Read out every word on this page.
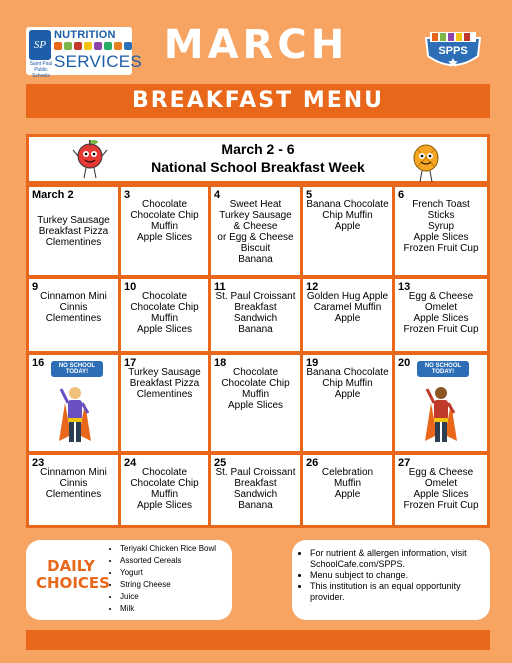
SP
Saint Paul Public Schools
NUTRITION
SERVICES MARCH	SPPS
BREAKFAST MENU
March 2 - 6
National School Breakfast Week
March 2
Turkey Sausage
Breakfast Pizza
Clementines
3
Chocolate
Chocolate Chip
Muffin
Apple Slices
4
Sweet Heat
Turkey Sausage
& Cheese
or Egg & Cheese
Biscuit
Banana
5
Banana Chocolate
Chip Muffin
Apple
6
French Toast
Sticks
Syrup
Apple Slices
Frozen Fruit Cup
9
Cinnamon Mini
Cinnis
Clementines
10
Chocolate
Chocolate Chip
Muffin
Apple Slices
11
St. Paul Croissant
Breakfast
Sandwich
Banana
12
Golden Hug Apple
Caramel Muffin
Apple
13
Egg & Cheese
Omelet
Apple Slices
Frozen Fruit Cup
16	NO SCHOOL TODAY!
17
Turkey Sausage
Breakfast Pizza
Clementines
18
Chocolate
Chocolate Chip
Muffin
Apple Slices
19
Banana Chocolate
Chip Muffin
Apple
20	NO SCHOOL TODAY!
23
Cinnamon Mini
Cinnis
Clementines
24
Chocolate
Chocolate Chip
Muffin
Apple Slices
25
St. Paul Croissant
Breakfast
Sandwich
Banana
26
Celebration
Muffin
Apple
27
Egg & Cheese
Omelet
Apple Slices
Frozen Fruit Cup
DAILY CHOICES
• Teriyaki Chicken Rice Bowl
• Assorted Cereals
• Yogurt
• String Cheese
• Juice
• Milk
• For nutrient & allergen information, visit SchoolCafe.com/SPPS.
• Menu subject to change.
• This institution is an equal opportunity provider.
